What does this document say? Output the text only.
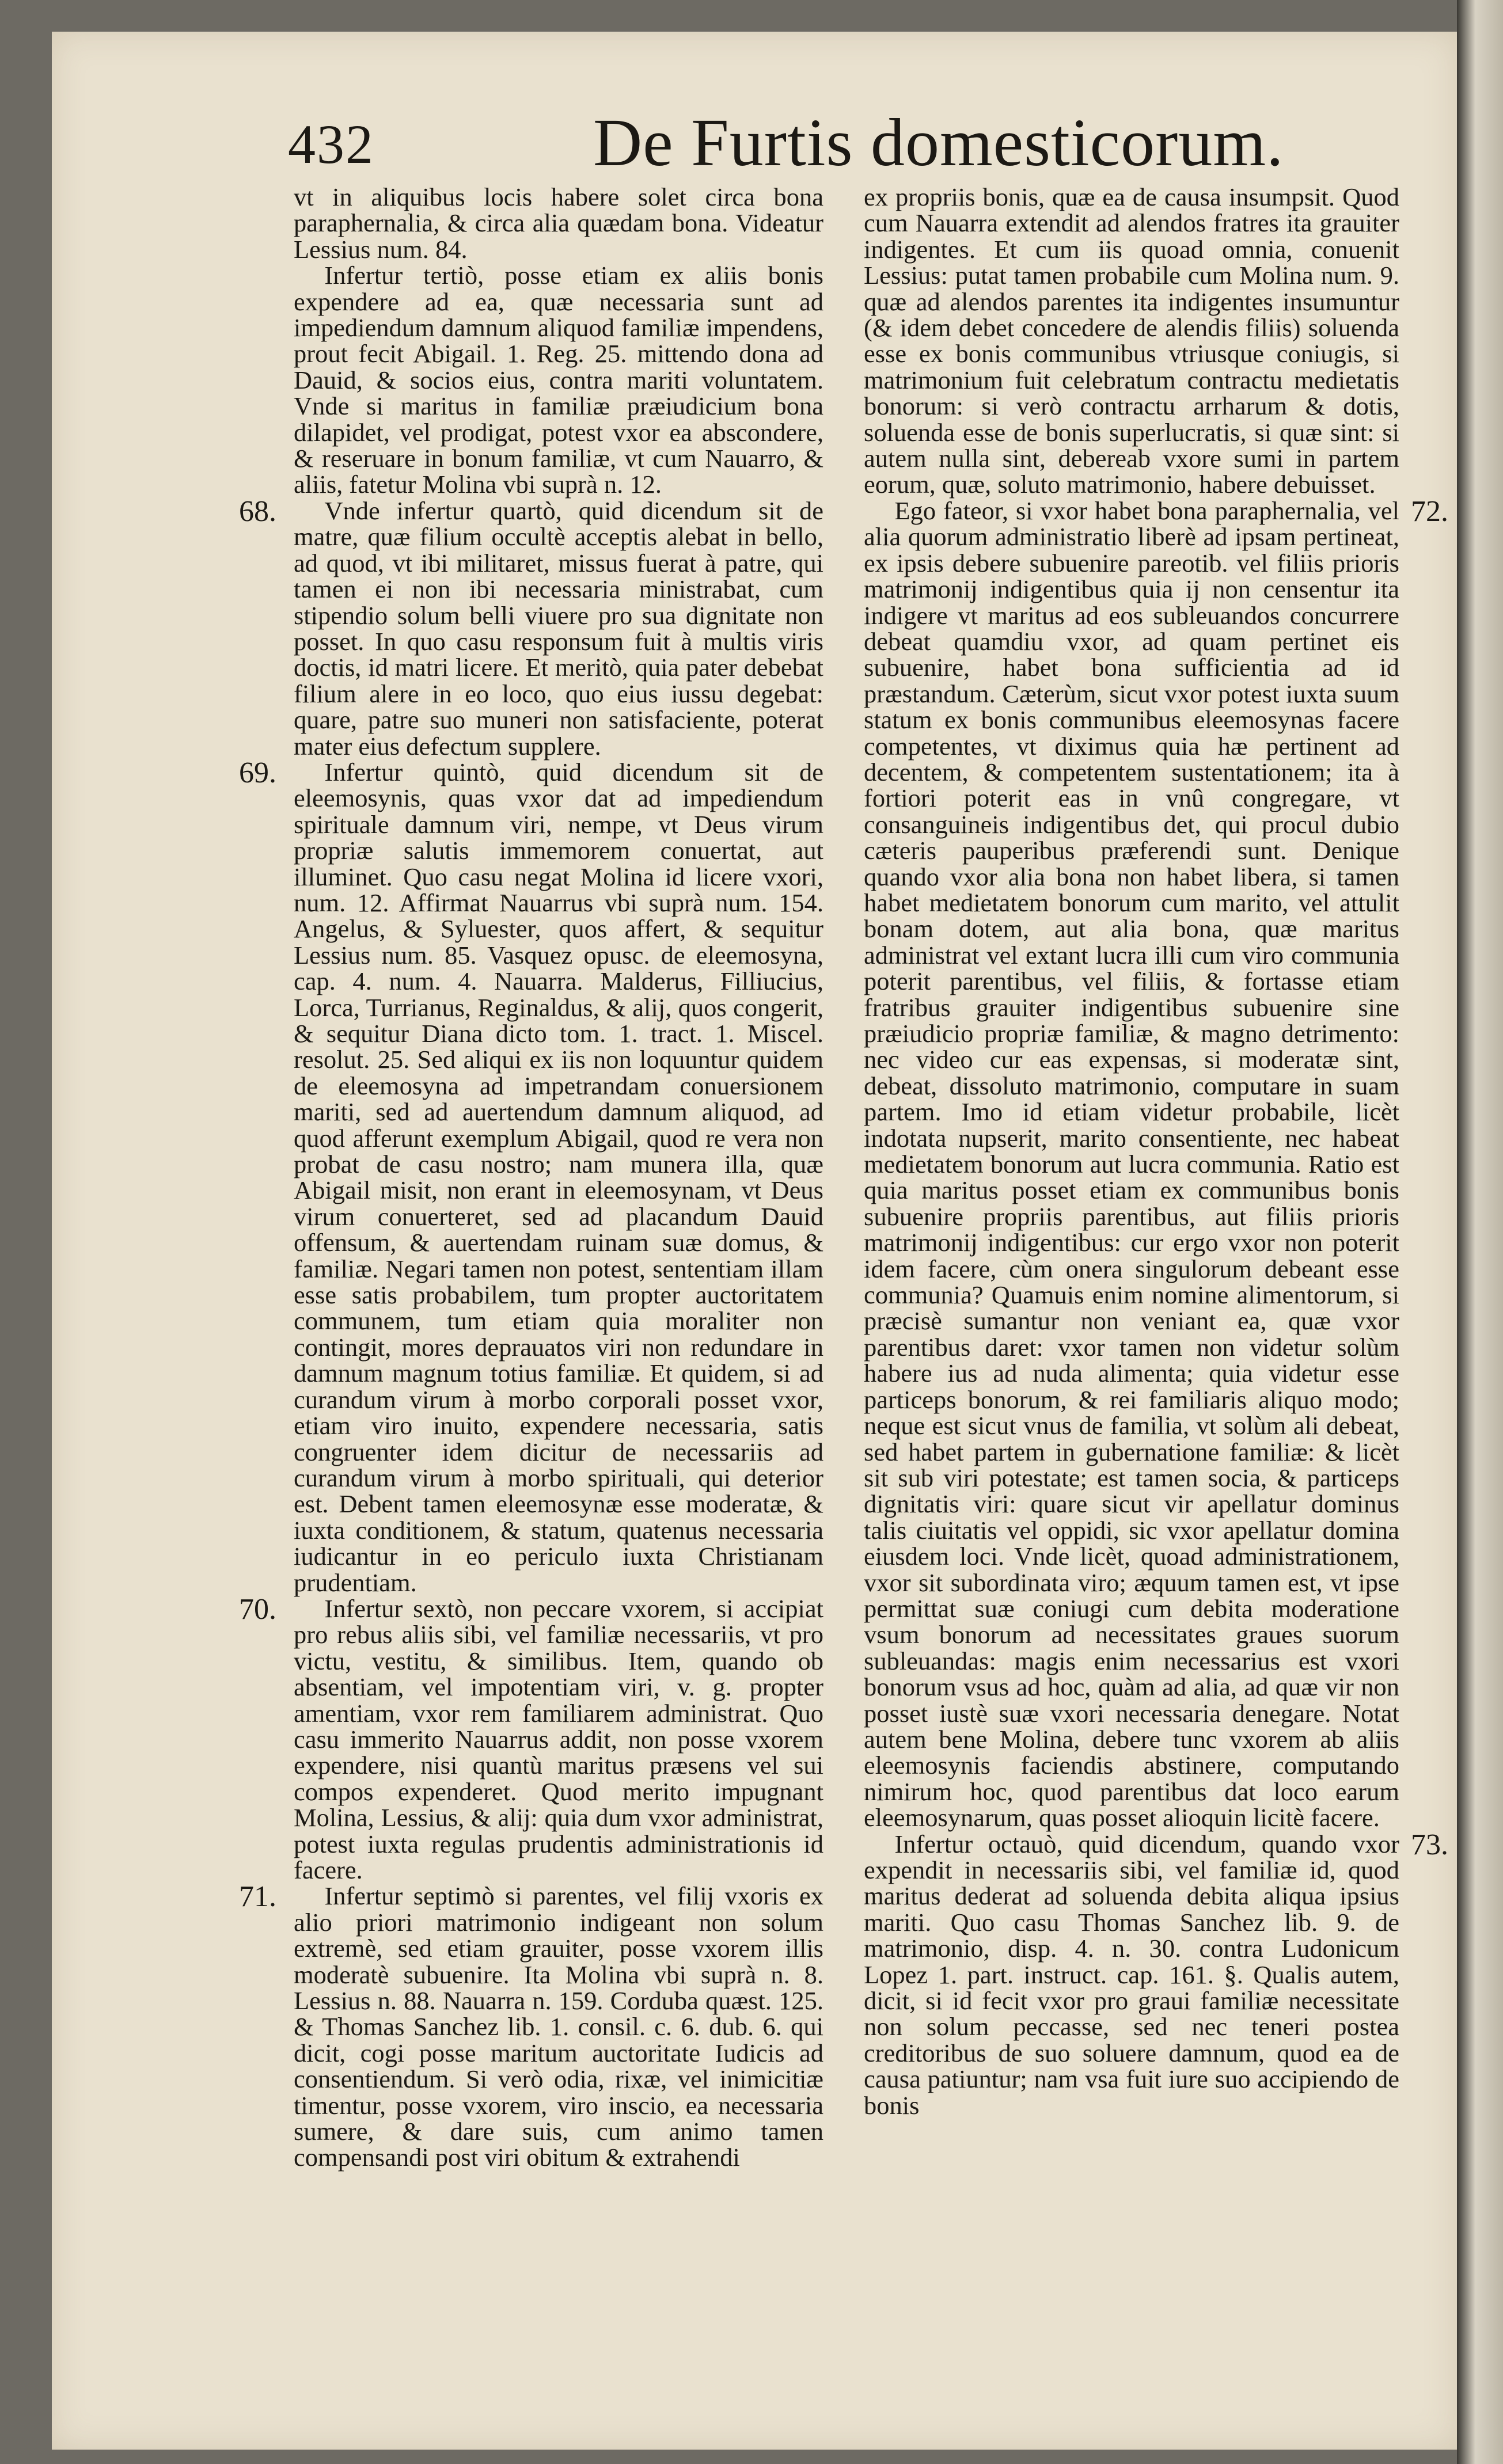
432	De Furtis domesticorum.

vt in aliquibus locis habere solet circa bona paraphernalia, & circa alia quædam bona. Videatur Lessius num. 84.

Infertur tertiò, posse etiam ex aliis bonis expendere ad ea, quæ necessaria sunt ad impediendum damnum aliquod familiæ impendens, prout fecit Abigail. 1. Reg. 25. mittendo dona ad Dauid, & socios eius, contra mariti voluntatem. Vnde si maritus in familiæ præiudicium bona dilapidet, vel prodigat, potest vxor ea abscondere, & reseruare in bonum familiæ, vt cum Nauarro, & aliis, fatetur Molina vbi suprà n. 12.

68. Vnde infertur quartò, quid dicendum sit de matre, quæ filium occultè acceptis alebat in bello, ad quod, vt ibi militaret, missus fuerat à patre, qui tamen ei non ibi necessaria ministrabat, cum stipendio solum belli viuere pro sua dignitate non posset. In quo casu responsum fuit à multis viris doctis, id matri licere. Et meritò, quia pater debebat filium alere in eo loco, quo eius iussu degebat: quare, patre suo muneri non satisfaciente, poterat mater eius defectum supplere.

69. Infertur quintò, quid dicendum sit de eleemosynis, quas vxor dat ad impediendum spirituale damnum viri, nempe, vt Deus virum propriæ salutis immemorem conuertat, aut illuminet. Quo casu negat Molina id licere vxori, num. 12. Affirmat Nauarrus vbi suprà num. 154. Angelus, & Syluester, quos affert, & sequitur Lessius num. 85. Vasquez opusc. de eleemosyna, cap. 4. num. 4. Nauarra. Malderus, Filliucius, Lorca, Turrianus, Reginaldus, & alij, quos congerit, & sequitur Diana dicto tom. 1. tract. 1. Miscel. resolut. 25. Sed aliqui ex iis non loquuntur quidem de eleemosyna ad impetrandam conuersionem mariti, sed ad auertendum damnum aliquod, ad quod afferunt exemplum Abigail, quod re vera non probat de casu nostro; nam munera illa, quæ Abigail misit, non erant in eleemosynam, vt Deus virum conuerteret, sed ad placandum Dauid offensum, & auertendam ruinam suæ domus, & familiæ. Negari tamen non potest, sententiam illam esse satis probabilem, tum propter auctoritatem communem, tum etiam quia moraliter non contingit, mores deprauatos viri non redundare in damnum magnum totius familiæ. Et quidem, si ad curandum virum à morbo corporali posset vxor, etiam viro inuito, expendere necessaria, satis congruenter idem dicitur de necessariis ad curandum virum à morbo spirituali, qui deterior est. Debent tamen eleemosynæ esse moderatæ, & iuxta conditionem, & statum, quatenus necessaria iudicantur in eo periculo iuxta Christianam prudentiam.

70. Infertur sextò, non peccare vxorem, si accipiat pro rebus aliis sibi, vel familiæ necessariis, vt pro victu, vestitu, & similibus. Item, quando ob absentiam, vel impotentiam viri, v. g. propter amentiam, vxor rem familiarem administrat. Quo casu immerito Nauarrus addit, non posse vxorem expendere, nisi quantù maritus præsens vel sui compos expenderet. Quod merito impugnant Molina, Lessius, & alij: quia dum vxor administrat, potest iuxta regulas prudentis administrationis id facere.

71. Infertur septimò si parentes, vel filij vxoris ex alio priori matrimonio indigeant non solum extremè, sed etiam grauiter, posse vxorem illis moderatè subuenire. Ita Molina vbi suprà n. 8. Lessius n. 88. Nauarra n. 159. Corduba quæst. 125. & Thomas Sanchez lib. 1. consil. c. 6. dub. 6. qui dicit, cogi posse maritum auctoritate Iudicis ad consentiendum. Si verò odia, rixæ, vel inimicitiæ timentur, posse vxorem, viro inscio, ea necessaria sumere, & dare suis, cum animo tamen compensandi post viri obitum & extrahendi

ex propriis bonis, quæ ea de causa insumpsit. Quod cum Nauarra extendit ad alendos fratres ita grauiter indigentes. Et cum iis quoad omnia, conuenit Lessius: putat tamen probabile cum Molina num. 9. quæ ad alendos parentes ita indigentes insumuntur (& idem debet concedere de alendis filiis) soluenda esse ex bonis communibus vtriusque coniugis, si matrimonium fuit celebratum contractu medietatis bonorum: si verò contractu arrharum & dotis, soluenda esse de bonis superlucratis, si quæ sint: si autem nulla sint, debereab vxore sumi in partem eorum, quæ, soluto matrimonio, habere debuisset.

72.
Ego fateor, si vxor habet bona paraphernalia, vel alia quorum administratio liberè ad ipsam pertineat, ex ipsis debere subuenire pareotib. vel filiis prioris matrimonij indigentibus quia ij non censentur ita indigere vt maritus ad eos subleuandos concurrere debeat quamdiu vxor, ad quam pertinet eis subuenire, habet bona sufficientia ad id præstandum. Cæterùm, sicut vxor potest iuxta suum statum ex bonis communibus eleemosynas facere competentes, vt diximus quia hæ pertinent ad decentem, & competentem sustentationem; ita à fortiori poterit eas in vnû congregare, vt consanguineis indigentibus det, qui procul dubio cæteris pauperibus præferendi sunt. Denique quando vxor alia bona non habet libera, si tamen habet medietatem bonorum cum marito, vel attulit bonam dotem, aut alia bona, quæ maritus administrat vel extant lucra illi cum viro communia poterit parentibus, vel filiis, & fortasse etiam fratribus grauiter indigentibus subuenire sine præiudicio propriæ familiæ, & magno detrimento: nec video cur eas expensas, si moderatæ sint, debeat, dissoluto matrimonio, computare in suam partem. Imo id etiam videtur probabile, licèt indotata nupserit, marito consentiente, nec habeat medietatem bonorum aut lucra communia. Ratio est quia maritus posset etiam ex communibus bonis subuenire propriis parentibus, aut filiis prioris matrimonij indigentibus: cur ergo vxor non poterit idem facere, cùm onera singulorum debeant esse communia? Quamuis enim nomine alimentorum, si præcisè sumantur non veniant ea, quæ vxor parentibus daret: vxor tamen non videtur solùm habere ius ad nuda alimenta; quia videtur esse particeps bonorum, & rei familiaris aliquo modo; neque est sicut vnus de familia, vt solùm ali debeat, sed habet partem in gubernatione familiæ: & licèt sit sub viri potestate; est tamen socia, & particeps dignitatis viri: quare sicut vir apellatur dominus talis ciuitatis vel oppidi, sic vxor apellatur domina eiusdem loci. Vnde licèt, quoad administrationem, vxor sit subordinata viro; æquum tamen est, vt ipse permittat suæ coniugi cum debita moderatione vsum bonorum ad necessitates graues suorum subleuandas: magis enim necessarius est vxori bonorum vsus ad hoc, quàm ad alia, ad quæ vir non posset iustè suæ vxori necessaria denegare. Notat autem bene Molina, debere tunc vxorem ab aliis eleemosynis faciendis abstinere, computando nimirum hoc, quod parentibus dat loco earum eleemosynarum, quas posset alioquin licitè facere.

73.
Infertur octauò, quid dicendum, quando vxor expendit in necessariis sibi, vel familiæ id, quod maritus dederat ad soluenda debita aliqua ipsius mariti. Quo casu Thomas Sanchez lib. 9. de matrimonio, disp. 4. n. 30. contra Ludonicum Lopez 1. part. instruct. cap. 161. §. Qualis autem, dicit, si id fecit vxor pro graui familiæ necessitate non solum peccasse, sed nec teneri postea creditoribus de suo soluere damnum, quod ea de causa patiuntur; nam vsa fuit iure suo accipiendo de bonis
